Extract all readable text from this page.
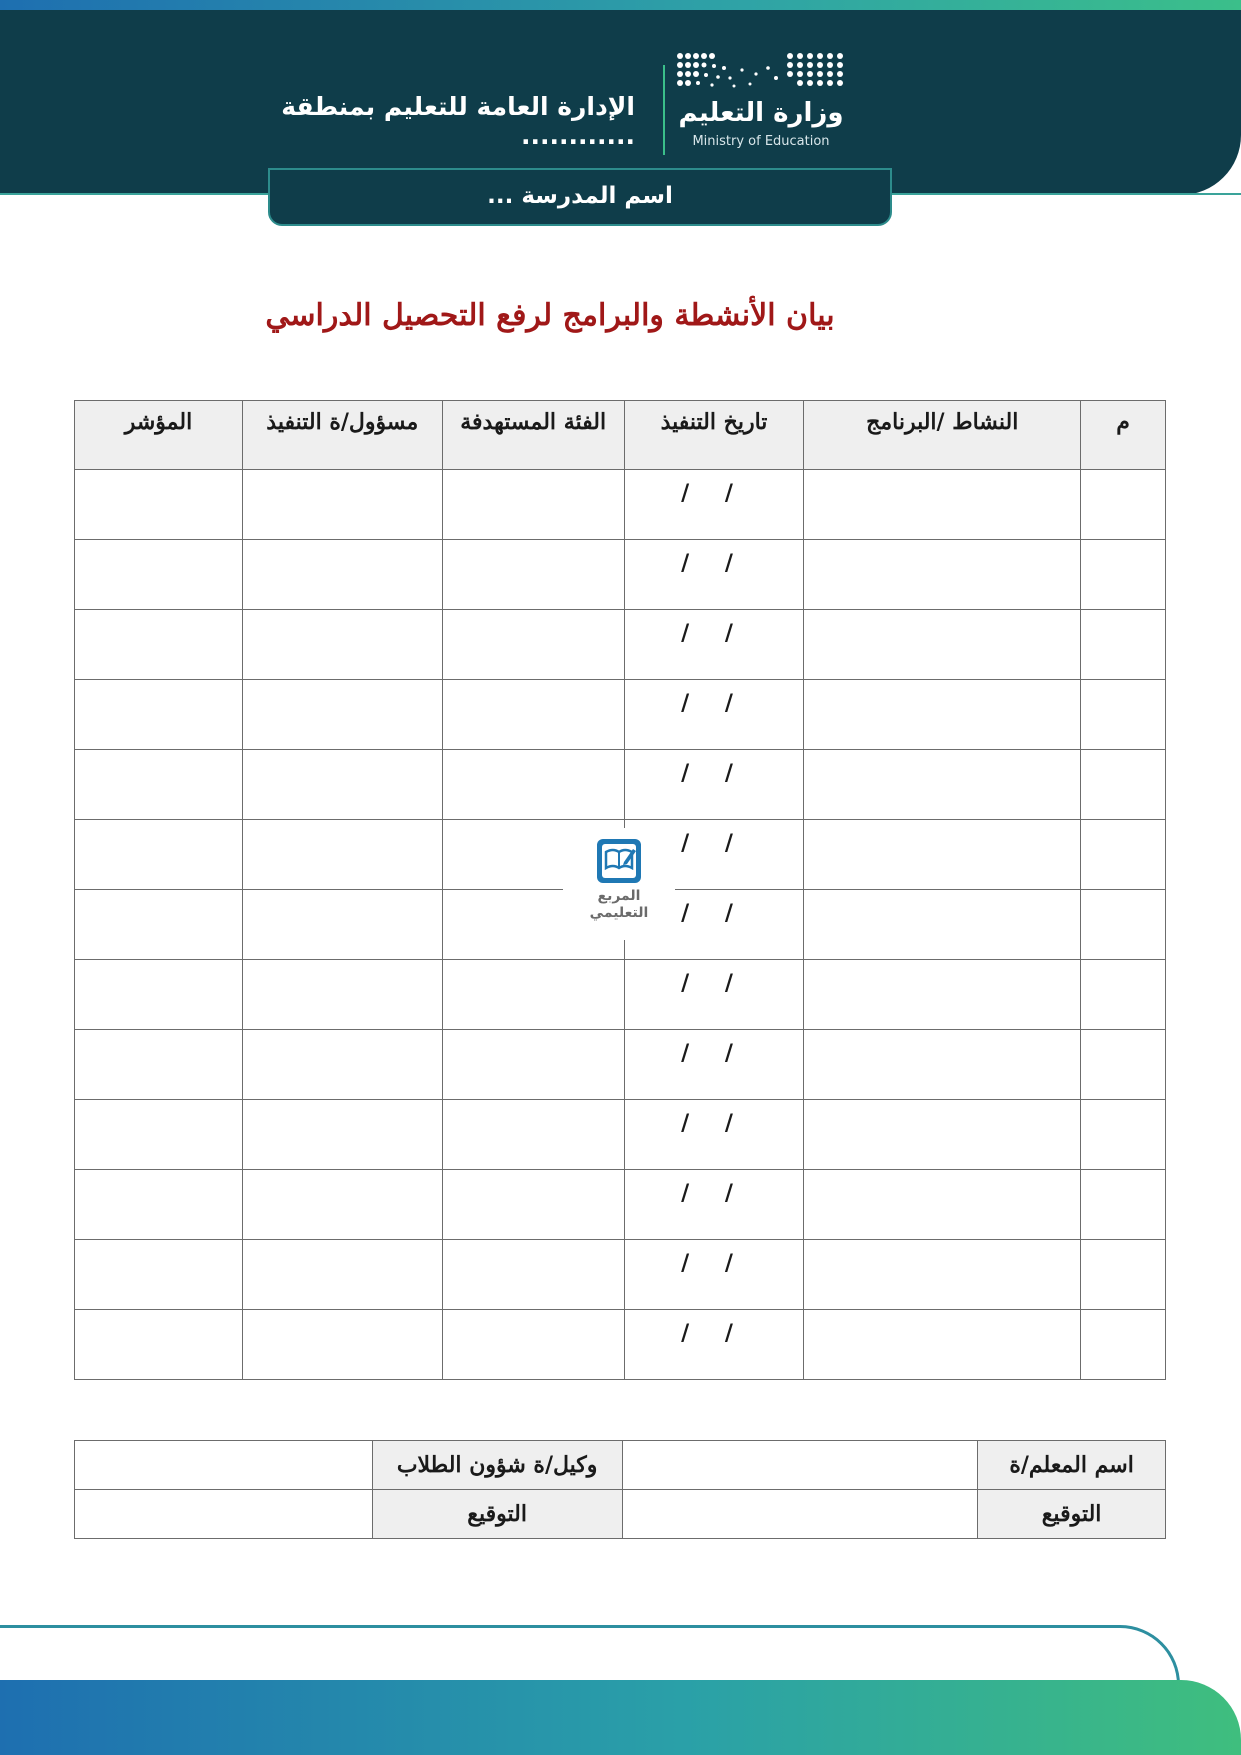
وزارة التعليم
Ministry of Education
الإدارة العامة للتعليم بمنطقة ............
اسم المدرسة ...
بيان الأنشطة والبرامج لرفع التحصيل الدراسي
م	النشاط /البرنامج	تاريخ التنفيذ	الفئة المستهدفة	مسؤول/ة التنفيذ	المؤشر
		/ /			
		/ /			
		/ /			
		/ /			
		/ /			
		/ /			
		/ /			
		/ /			
		/ /			
		/ /			
		/ /			
		/ /			
		/ /			
المربع
التعليمي
اسم المعلم/ة		وكيل/ة شؤون الطلاب	
التوقيع		التوقيع	
